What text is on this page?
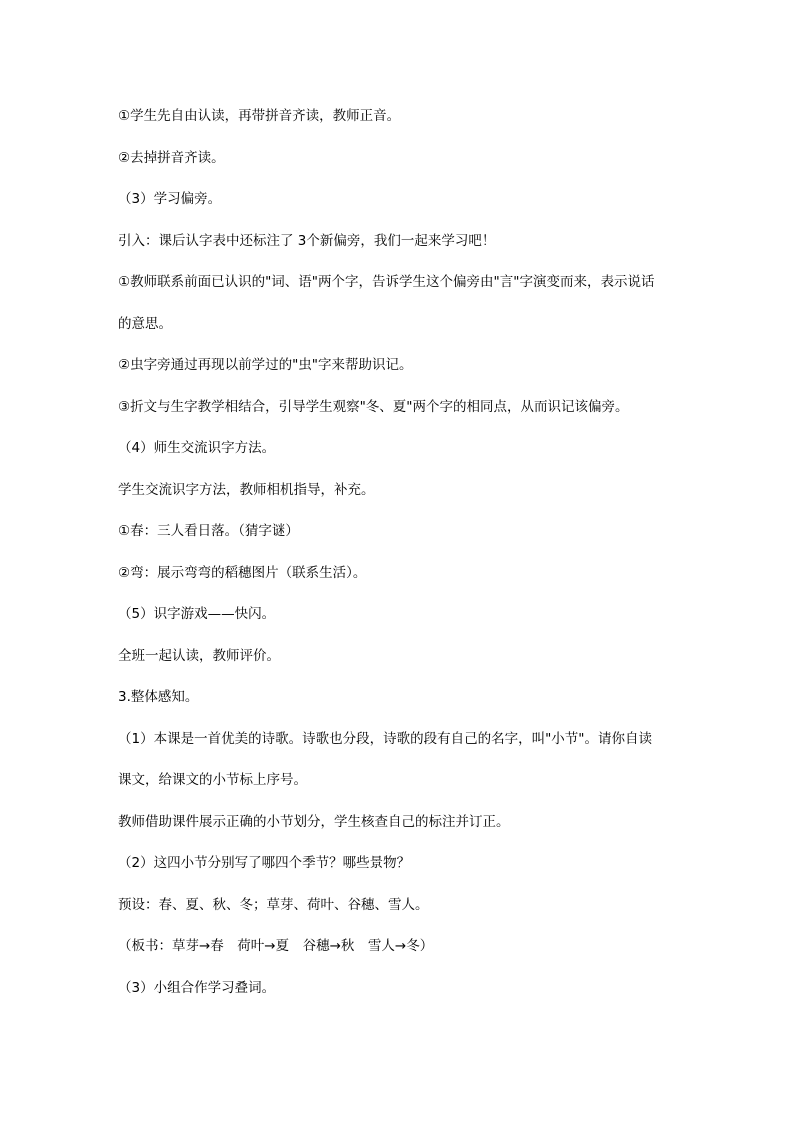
①学生先自由认读，再带拼音齐读，教师正音。
②去掉拼音齐读。
（3）学习偏旁。
引入：课后认字表中还标注了 3个新偏旁，我们一起来学习吧！
①教师联系前面已认识的"词、语"两个字，告诉学生这个偏旁由"言"字演变而来，表示说话
的意思。
②虫字旁通过再现以前学过的"虫"字来帮助识记。
③折文与生字教学相结合，引导学生观察"冬、夏"两个字的相同点，从而识记该偏旁。
（4）师生交流识字方法。
学生交流识字方法，教师相机指导，补充。
①春：三人看日落。（猜字谜）
②弯：展示弯弯的稻穗图片（联系生活）。
（5）识字游戏——快闪。
全班一起认读，教师评价。
3.整体感知。
（1）本课是一首优美的诗歌。诗歌也分段，诗歌的段有自己的名字，叫"小节"。请你自读
课文，给课文的小节标上序号。
教师借助课件展示正确的小节划分，学生核查自己的标注并订正。
（2）这四小节分别写了哪四个季节？哪些景物？
预设：春、夏、秋、冬；草芽、荷叶、谷穗、雪人。
（板书：草芽→春　荷叶→夏　谷穗→秋　雪人→冬）
（3）小组合作学习叠词。
